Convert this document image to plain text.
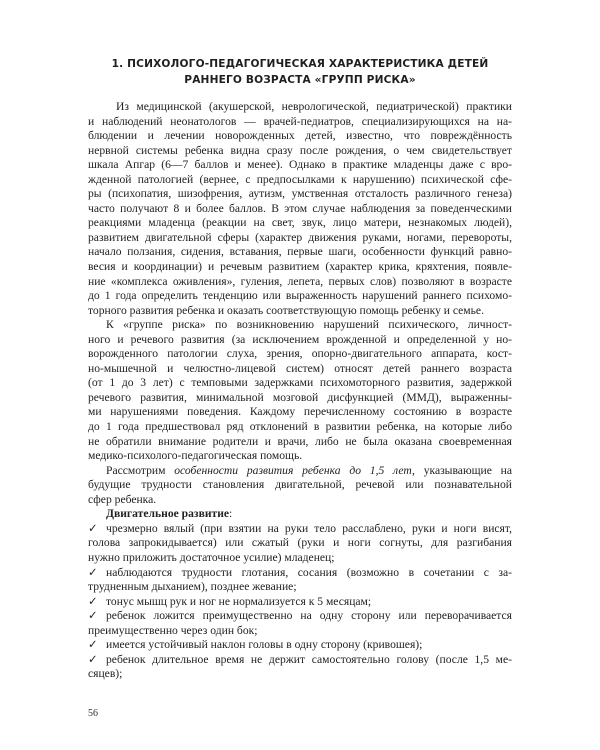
1. ПСИХОЛОГО-ПЕДАГОГИЧЕСКАЯ ХАРАКТЕРИСТИКА ДЕТЕЙ
РАННЕГО ВОЗРАСТА «ГРУПП РИСКА»
Из медицинской (акушерской, неврологической, педиатрической) практики
и наблюдений неонатологов — врачей-педиатров, специализирующихся на на-
блюдении и лечении новорожденных детей, известно, что повреждённость
нервной системы ребенка видна сразу после рождения, о чем свидетельствует
шкала Апгар (6—7 баллов и менее). Однако в практике младенцы даже с вро-
жденной патологией (вернее, с предпосылками к нарушению) психической сфе-
ры (психопатия, шизофрения, аутизм, умственная отсталость различного генеза)
часто получают 8 и более баллов. В этом случае наблюдения за поведенческими
реакциями младенца (реакции на свет, звук, лицо матери, незнакомых людей),
развитием двигательной сферы (характер движения руками, ногами, перевороты,
начало ползания, сидения, вставания, первые шаги, особенности функций равно-
весия и координации) и речевым развитием (характер крика, кряхтения, появле-
ние «комплекса оживления», гуления, лепета, первых слов) позволяют в возрасте
до 1 года определить тенденцию или выраженность нарушений раннего психомо-
торного развития ребенка и оказать соответствующую помощь ребенку и семье.
К «группе риска» по возникновению нарушений психического, личност-
ного и речевого развития (за исключением врожденной и определенной у но-
ворожденного патологии слуха, зрения, опорно-двигательного аппарата, кост-
но-мышечной и челюстно-лицевой систем) относят детей раннего возраста
(от 1 до 3 лет) с темповыми задержками психомоторного развития, задержкой
речевого развития, минимальной мозговой дисфункцией (ММД), выраженны-
ми нарушениями поведения. Каждому перечисленному состоянию в возрасте
до 1 года предшествовал ряд отклонений в развитии ребенка, на которые либо
не обратили внимание родители и врачи, либо не была оказана своевременная
медико-психолого-педагогическая помощь.
Рассмотрим особенности развития ребенка до 1,5 лет, указывающие на
будущие трудности становления двигательной, речевой или познавательной
сфер ребенка.
Двигательное развитие:
✓ чрезмерно вялый (при взятии на руки тело расслаблено, руки и ноги висят,
голова запрокидывается) или сжатый (руки и ноги согнуты, для разгибания
нужно приложить достаточное усилие) младенец;
✓ наблюдаются трудности глотания, сосания (возможно в сочетании с за-
трудненным дыханием), позднее жевание;
✓ тонус мышц рук и ног не нормализуется к 5 месяцам;
✓ ребенок ложится преимущественно на одну сторону или переворачивается
преимущественно через один бок;
✓ имеется устойчивый наклон головы в одну сторону (кривошея);
✓ ребенок длительное время не держит самостоятельно голову (после 1,5 ме-
сяцев);
56
